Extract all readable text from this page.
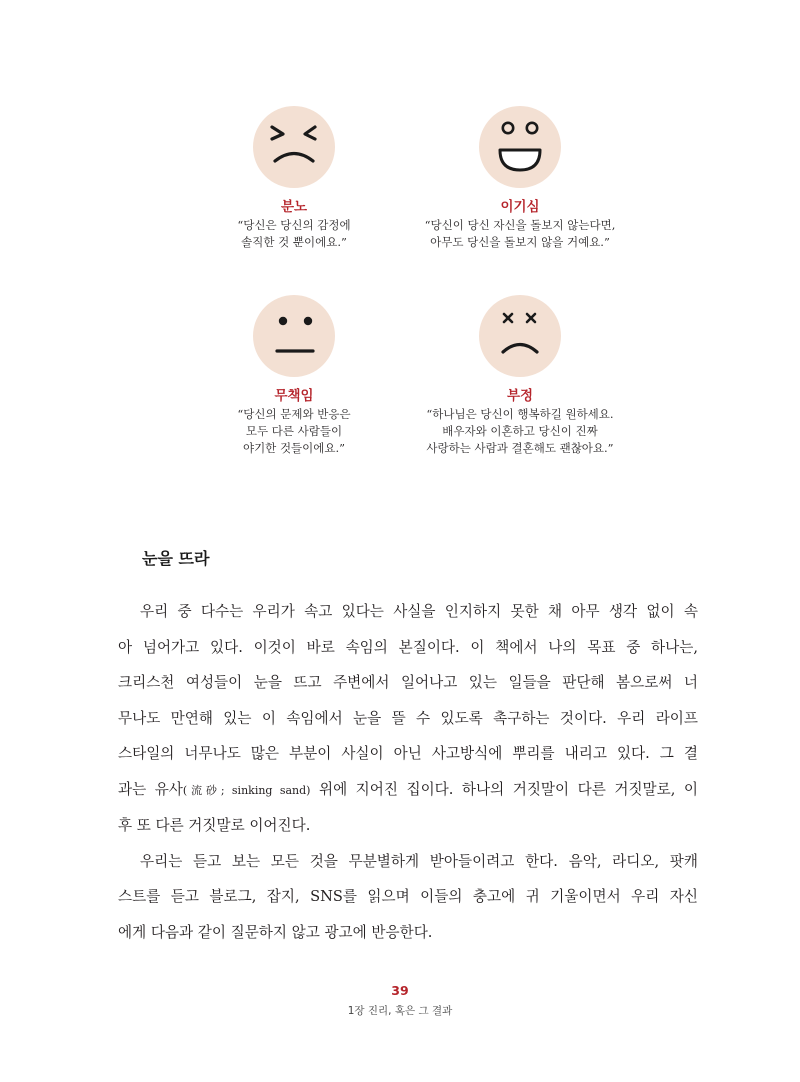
분노
“당신은 당신의 감정에
솔직한 것 뿐이에요.”
이기심
“당신이 당신 자신을 돌보지 않는다면,
아무도 당신을 돌보지 않을 거예요.”
무책임
“당신의 문제와 반응은
모두 다른 사람들이
야기한 것들이에요.”
부정
“하나님은 당신이 행복하길 원하세요.
배우자와 이혼하고 당신이 진짜
사랑하는 사람과 결혼해도 괜찮아요.”
눈을 뜨라
우리 중 다수는 우리가 속고 있다는 사실을 인지하지 못한 채 아무 생각 없이 속
아 넘어가고 있다. 이것이 바로 속임의 본질이다. 이 책에서 나의 목표 중 하나는,
크리스천 여성들이 눈을 뜨고 주변에서 일어나고 있는 일들을 판단해 봄으로써 너
무나도 만연해 있는 이 속임에서 눈을 뜰 수 있도록 촉구하는 것이다. 우리 라이프
스타일의 너무나도 많은 부분이 사실이 아닌 사고방식에 뿌리를 내리고 있다. 그 결
과는 유사(流砂; sinking sand) 위에 지어진 집이다. 하나의 거짓말이 다른 거짓말로, 이
후 또 다른 거짓말로 이어진다.
우리는 듣고 보는 모든 것을 무분별하게 받아들이려고 한다. 음악, 라디오, 팟캐
스트를 듣고 블로그, 잡지, SNS를 읽으며 이들의 충고에 귀 기울이면서 우리 자신
에게 다음과 같이 질문하지 않고 광고에 반응한다.
39
1장 진리, 혹은 그 결과
